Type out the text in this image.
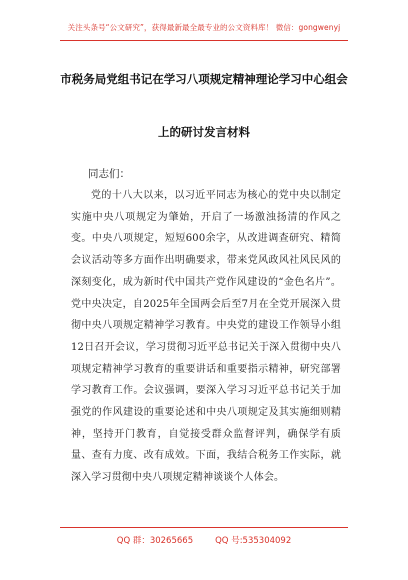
关注头条号“公文研究”，获得最新最全最专业的公文资料库！ 微信：gongwenyj
市税务局党组书记在学习八项规定精神理论学习中心组会
上的研讨发言材料
同志们：
党的十八大以来，以习近平同志为核心的党中央以制定实施中央八项规定为肇始，开启了一场激浊扬清的作风之变。中央八项规定，短短600余字，从改进调查研究、精简会议活动等多方面作出明确要求，带来党风政风社风民风的深刻变化，成为新时代中国共产党作风建设的“金色名片”。党中央决定，自2025年全国两会后至7月在全党开展深入贯彻中央八项规定精神学习教育。中央党的建设工作领导小组12日召开会议，学习贯彻习近平总书记关于深入贯彻中央八项规定精神学习教育的重要讲话和重要指示精神，研究部署学习教育工作。会议强调，要深入学习习近平总书记关于加强党的作风建设的重要论述和中央八项规定及其实施细则精神，坚持开门教育，自觉接受群众监督评判，确保学有质量、查有力度、改有成效。下面，我结合税务工作实际，就深入学习贯彻中央八项规定精神谈谈个人体会。
QQ 群：30265665	QQ 号:535304092
